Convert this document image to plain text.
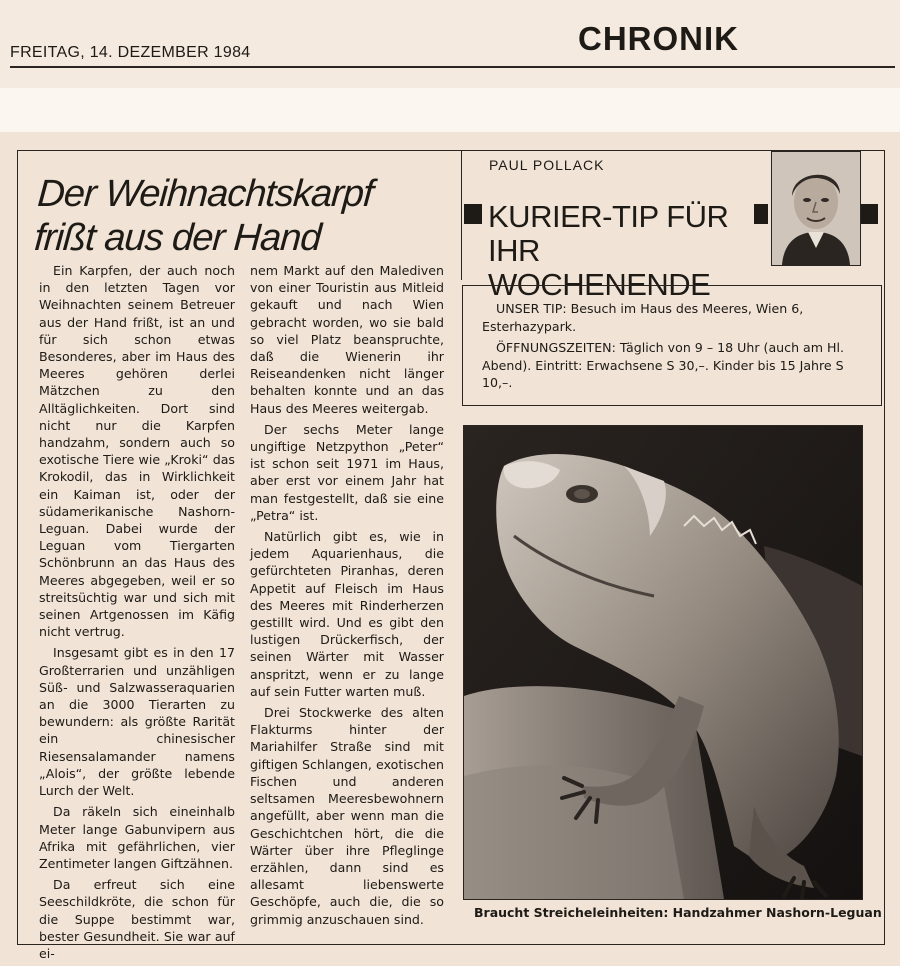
FREITAG, 14. DEZEMBER 1984	CHRONIK
Der Weihnachtskarpf
frißt aus der Hand

Ein Karpfen, der auch noch in den letzten Tagen vor Weihnachten seinem Betreuer aus der Hand frißt, ist an und für sich schon etwas Besonderes, aber im Haus des Meeres gehören derlei Mätzchen zu den Alltäglichkeiten. Dort sind nicht nur die Karpfen handzahm, sondern auch so exotische Tiere wie „Kroki“ das Krokodil, das in Wirklichkeit ein Kaiman ist, oder der südamerikanische Nashorn-Leguan. Dabei wurde der Leguan vom Tiergarten Schönbrunn an das Haus des Meeres abgegeben, weil er so streitsüchtig war und sich mit seinen Artgenossen im Käfig nicht vertrug.

Insgesamt gibt es in den 17 Großterrarien und unzähligen Süß- und Salzwasseraquarien an die 3000 Tierarten zu bewundern: als größte Rarität ein chinesischer Riesensalamander namens „Alois“, der größte lebende Lurch der Welt.

Da räkeln sich eineinhalb Meter lange Gabunvipern aus Afrika mit gefährlichen, vier Zentimeter langen Giftzähnen.

Da erfreut sich eine Seeschildkröte, die schon für die Suppe bestimmt war, bester Gesundheit. Sie war auf ei-

nem Markt auf den Malediven von einer Touristin aus Mitleid gekauft und nach Wien gebracht worden, wo sie bald so viel Platz beanspruchte, daß die Wienerin ihr Reiseandenken nicht länger behalten konnte und an das Haus des Meeres weitergab.

Der sechs Meter lange ungiftige Netzpython „Peter“ ist schon seit 1971 im Haus, aber erst vor einem Jahr hat man festgestellt, daß sie eine „Petra“ ist.

Natürlich gibt es, wie in jedem Aquarienhaus, die gefürchteten Piranhas, deren Appetit auf Fleisch im Haus des Meeres mit Rinderherzen gestillt wird. Und es gibt den lustigen Drückerfisch, der seinen Wärter mit Wasser anspritzt, wenn er zu lange auf sein Futter warten muß.

Drei Stockwerke des alten Flakturms hinter der Mariahilfer Straße sind mit giftigen Schlangen, exotischen Fischen und anderen seltsamen Meeresbewohnern angefüllt, aber wenn man die Geschichtchen hört, die die Wärter über ihre Pfleglinge erzählen, dann sind es allesamt liebenswerte Geschöpfe, auch die, die so grimmig anzuschauen sind.

PAUL POLLACK
KURIER-TIP FÜR
IHR WOCHENENDE
UNSER TIP: Besuch im Haus des Meeres, Wien 6, Esterhazypark.
ÖFFNUNGSZEITEN: Täglich von 9 – 18 Uhr (auch am Hl. Abend). Eintritt: Erwachsene S 30,–. Kinder bis 15 Jahre S 10,–.
Braucht Streicheleinheiten: Handzahmer Nashorn-Leguan
